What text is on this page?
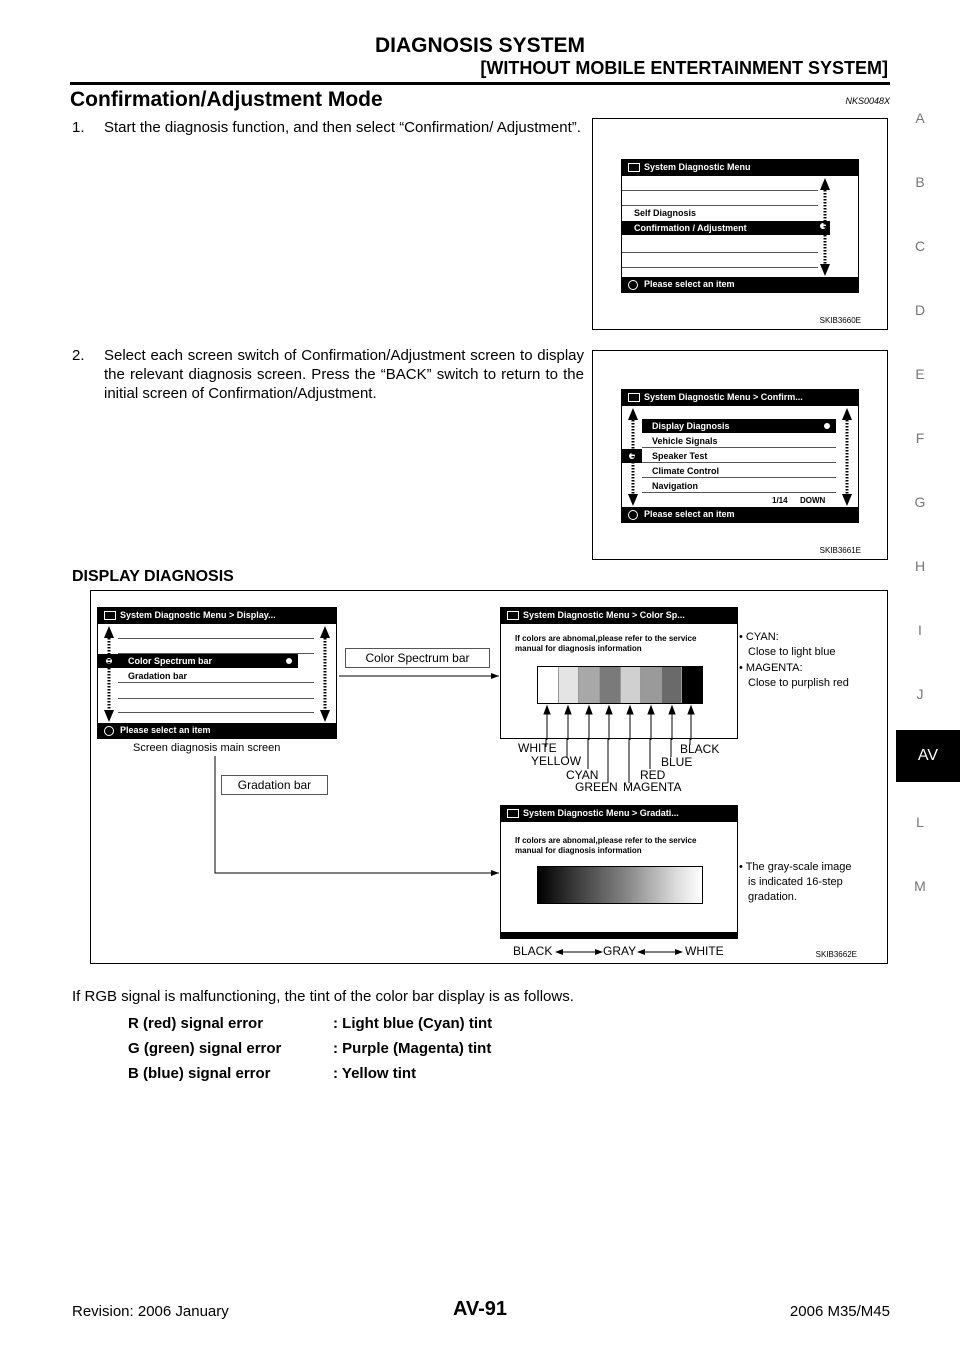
DIAGNOSIS SYSTEM
[WITHOUT MOBILE ENTERTAINMENT SYSTEM]
Confirmation/Adjustment Mode	NKS0048X
1. Start the diagnosis function, and then select “Confirmation/ Adjustment”.
System Diagnostic Menu
Self Diagnosis
Confirmation / Adjustment
Please select an item
SKIB3660E
2. Select each screen switch of Confirmation/Adjustment screen to display the relevant diagnosis screen. Press the “BACK” switch to return to the initial screen of Confirmation/Adjustment.	System Diagnostic Menu > Confirm...
Display Diagnosis
Vehicle Signals
Speaker Test
Climate Control
Navigation
1/14 DOWN
Please select an item
SKIB3661E
DISPLAY DIAGNOSIS
System Diagnostic Menu > Display...
Color Spectrum bar
Gradation bar
Please select an item
Screen diagnosis main screen
Color Spectrum bar
Gradation bar
System Diagnostic Menu > Color Sp...
If colors are abnomal,please refer to the service
manual for diagnosis information
WHITE
YELLOW
CYAN
GREEN MAGENTA
RED
BLUE
BLACK
• CYAN:
Close to light blue
• MAGENTA:
Close to purplish red
System Diagnostic Menu > Gradati...
If colors are abnomal,please refer to the service
manual for diagnosis information
BLACK	GRAY	WHITE
• The gray-scale image
is indicated 16-step
gradation.
SKIB3662E
If RGB signal is malfunctioning, the tint of the color bar display is as follows.
R (red) signal error	: Light blue (Cyan) tint
G (green) signal error	: Purple (Magenta) tint
B (blue) signal error	: Yellow tint
A
B
C
D
E
F
G
H
I
J
AV
L
M
Revision: 2006 January	AV-91	2006 M35/M45
